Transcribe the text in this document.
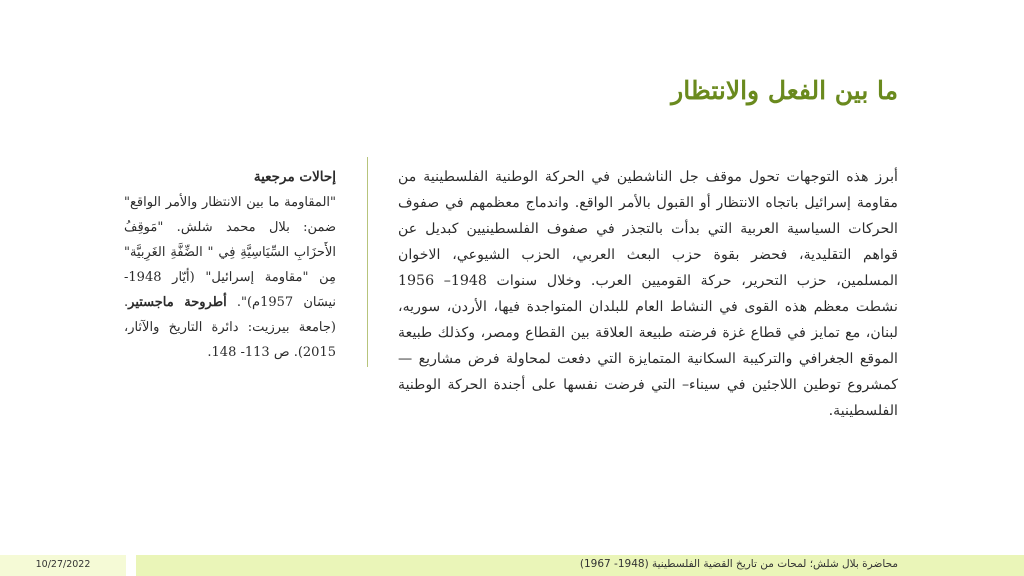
ما بين الفعل والانتظار
أبرز هذه التوجهات تحول موقف جل الناشطين في الحركة الوطنية الفلسطينية من مقاومة إسرائيل باتجاه الانتظار أو القبول بالأمر الواقع. واندماج معظمهم في صفوف الحركات السياسية العربية التي بدأت بالتجذر في صفوف الفلسطينيين كبديل عن قواهم التقليدية، فحضر بقوة حزب البعث العربي، الحزب الشيوعي، الاخوان المسلمين، حزب التحرير، حركة القوميين العرب. وخلال سنوات 1948– 1956 نشطت معظم هذه القوى في النشاط العام للبلدان المتواجدة فيها، الأردن، سوريه، لبنان، مع تمايز في قطاع غزة فرضته طبيعة العلاقة بين القطاع ومصر، وكذلك طبيعة الموقع الجغرافي والتركيبة السكانية المتمايزة التي دفعت لمحاولة فرض مشاريع —كمشروع توطين اللاجئين في سيناء– التي فرضت نفسها على أجندة الحركة الوطنية الفلسطينية.
إحالات مرجعية
"المقاومة ما بين الانتظار والأمر الواقع" ضمن: بلال محمد شلش. "مَوقِفُ الأَحزَابِ السِّيَاسِيَّةِ فِي " الضِّفَّةِ الغَرِبيَّة" مِن "مقاومة إسرائيل" (أيّار 1948- نيسَان 1957م)". أطروحة ماجستير. (جامعة بيرزيت: دائرة التاريخ والآثار، 2015). ص 113- 148.
10/27/2022	محاضرة بلال شلش؛ لمحات من تاريخ القضية الفلسطينية (1948- 1967)
